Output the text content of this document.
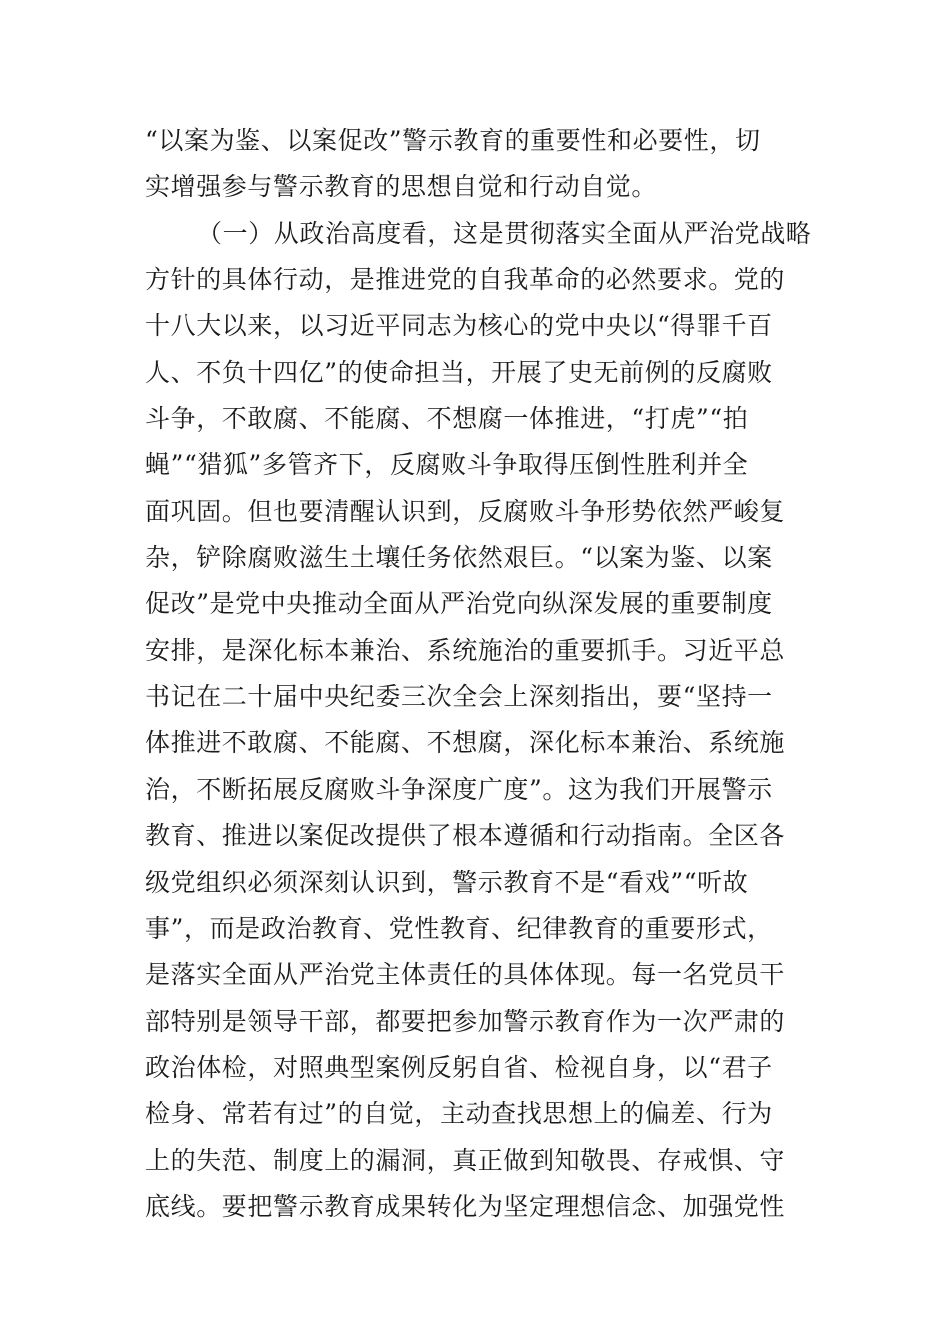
“以案为鉴、以案促改”警示教育的重要性和必要性，切
实增强参与警示教育的思想自觉和行动自觉。
（一）从政治高度看，这是贯彻落实全面从严治党战略
方针的具体行动，是推进党的自我革命的必然要求。党的
十八大以来，以习近平同志为核心的党中央以“得罪千百
人、不负十四亿”的使命担当，开展了史无前例的反腐败
斗争，不敢腐、不能腐、不想腐一体推进，“打虎”“拍
蝇”“猎狐”多管齐下，反腐败斗争取得压倒性胜利并全
面巩固。但也要清醒认识到，反腐败斗争形势依然严峻复
杂，铲除腐败滋生土壤任务依然艰巨。“以案为鉴、以案
促改”是党中央推动全面从严治党向纵深发展的重要制度
安排，是深化标本兼治、系统施治的重要抓手。习近平总
书记在二十届中央纪委三次全会上深刻指出，要“坚持一
体推进不敢腐、不能腐、不想腐，深化标本兼治、系统施
治，不断拓展反腐败斗争深度广度”。这为我们开展警示
教育、推进以案促改提供了根本遵循和行动指南。全区各
级党组织必须深刻认识到，警示教育不是“看戏”“听故
事”，而是政治教育、党性教育、纪律教育的重要形式，
是落实全面从严治党主体责任的具体体现。每一名党员干
部特别是领导干部，都要把参加警示教育作为一次严肃的
政治体检，对照典型案例反躬自省、检视自身，以“君子
检身、常若有过”的自觉，主动查找思想上的偏差、行为
上的失范、制度上的漏洞，真正做到知敬畏、存戒惧、守
底线。要把警示教育成果转化为坚定理想信念、加强党性
